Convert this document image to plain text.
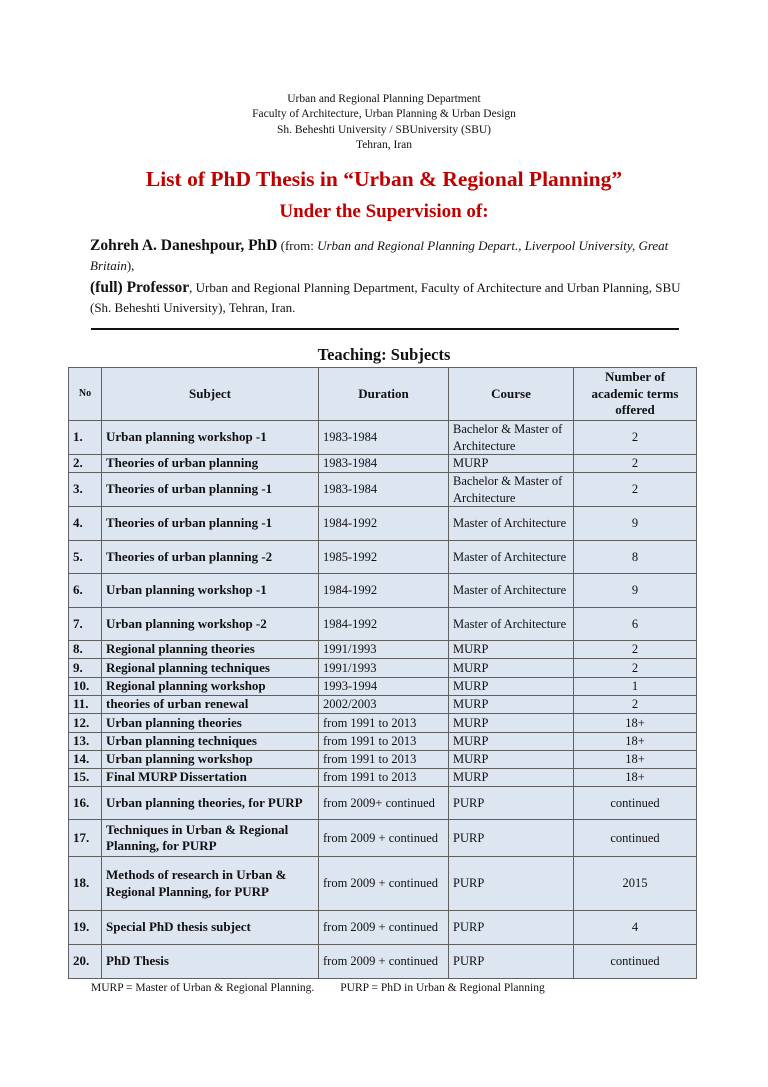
Urban and Regional Planning Department
Faculty of Architecture, Urban Planning & Urban Design
Sh. Beheshti University / SBUniversity (SBU)
Tehran, Iran
List of PhD Thesis in “Urban & Regional Planning”
Under the Supervision of:

Zohreh A. Daneshpour, PhD (from: Urban and Regional Planning Depart., Liverpool University, Great Britain),

(full) Professor, Urban and Regional Planning Department, Faculty of Architecture and Urban Planning, SBU (Sh. Beheshti University), Tehran, Iran.

Teaching: Subjects
No	Subject	Duration	Course	Number of academic terms offered
1.	Urban planning workshop -1	1983-1984	Bachelor & Master of Architecture	2
2.	Theories of urban planning	1983-1984	MURP	2
3.	Theories of urban planning -1	1983-1984	Bachelor & Master of Architecture	2
4.	Theories of urban planning -1	1984-1992	Master of Architecture	9
5.	Theories of urban planning -2	1985-1992	Master of Architecture	8
6.	Urban planning workshop -1	1984-1992	Master of Architecture	9
7.	Urban planning workshop -2	1984-1992	Master of Architecture	6
8.	Regional planning theories	1991/1993	MURP	2
9.	Regional planning techniques	1991/1993	MURP	2
10.	Regional planning workshop	1993-1994	MURP	1
11.	theories of urban renewal	2002/2003	MURP	2
12.	Urban planning theories	from 1991 to 2013	MURP	18+
13.	Urban planning techniques	from 1991 to 2013	MURP	18+
14.	Urban planning workshop	from 1991 to 2013	MURP	18+
15.	Final MURP Dissertation	from 1991 to 2013	MURP	18+
16.	Urban planning theories, for PURP	from 2009+ continued	PURP	continued
17.	Techniques in Urban & Regional Planning, for PURP	from 2009 + continued	PURP	continued
18.	Methods of research in Urban & Regional Planning, for PURP	from 2009 + continued	PURP	2015
19.	Special PhD thesis subject	from 2009 + continued	PURP	4
20.	PhD Thesis	from 2009 + continued	PURP	continued
MURP = Master of Urban & Regional Planning. PURP = PhD in Urban & Regional Planning
